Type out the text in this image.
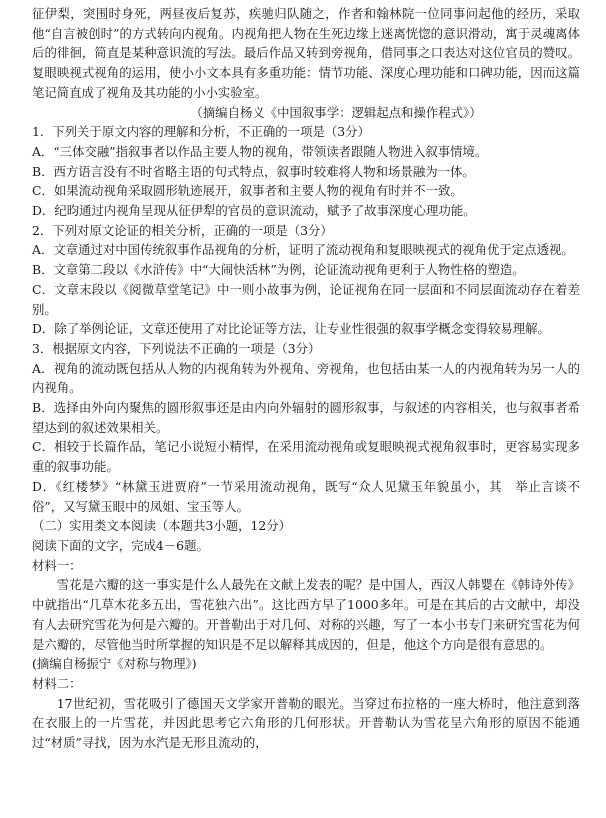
征伊梨，突围时身死，两昼夜后复苏，疾驰归队随之，作者和翰林院一位同事问起他的经历，采取他“自言被创时”的方式转向内视角。内视角把人物在生死边缘上迷离恍惚的意识滑动，寓于灵魂离体后的徘徊，简直是某种意识流的写法。最后作品又转到旁视角，借同事之口表达对这位官员的赞叹。复眼映视式视角的运用，使小小文本具有多重功能：情节功能、深度心理功能和口碑功能，因而这篇笔记简直成了视角及其功能的小小实验室。

（摘编自杨义《中国叙事学：逻辑起点和操作程式》）

1．下列关于原文内容的理解和分析，不正确的一项是（3分）

A．“三体交融”指叙事者以作品主要人物的视角，带领读者跟随人物进入叙事情境。

B．西方语言没有不时省略主语的句式特点，叙事时较难将人物和场景融为一体。

C．如果流动视角采取圆形轨迹展开，叙事者和主要人物的视角有时并不一致。

D．纪昀通过内视角呈现从征伊犁的官员的意识流动，赋予了故事深度心理功能。

2．下列对原文论证的相关分析，正确的一项是（3分）

A．文章通过对中国传统叙事作品视角的分析，证明了流动视角和复眼映视式的视角优于定点透视。

B．文章第二段以《水浒传》中“大闹快活林”为例，论证流动视角更利于人物性格的塑造。

C．文章末段以《阅微草堂笔记》中一则小故事为例，论证视角在同一层面和不同层面流动存在着差别。

D．除了举例论证，文章还使用了对比论证等方法，让专业性很强的叙事学概念变得较易理解。

3．根据原文内容，下列说法不正确的一项是（3分）

A．视角的流动既包括从人物的内视角转为外视角、旁视角，也包括由某一人的内视角转为另一人的内视角。

B．选择由外向内聚焦的圆形叙事还是由内向外辐射的圆形叙事，与叙述的内容相关，也与叙事者希望达到的叙述效果相关。

C．相较于长篇作品，笔记小说短小精悍，在采用流动视角或复眼映视式视角叙事时，更容易实现多重的叙事功能。

D．《红楼梦》“林黛玉进贾府”一节采用流动视角，既写“众人见黛玉年貌虽小，其　举止言谈不俗”，又写黛玉眼中的凤姐、宝玉等人。

（二）实用类文本阅读（本题共3小题，12分）

阅读下面的文字，完成4－6题。

材料一：

雪花是六瓣的这一事实是什么人最先在文献上发表的呢？是中国人，西汉人韩婴在《韩诗外传》中就指出“几草木花多五出，雪花独六出”。这比西方早了1000多年。可是在其后的古文献中，却没有人去研究雪花为何是六瓣的。开普勒出于对几何、对称的兴趣，写了一本小书专门来研究雪花为何是六瓣的，尽管他当时所掌握的知识是不足以解释其成因的，但是，他这个方向是很有意思的。

(摘编自杨振宁《对称与物理》)

材料二：

17世纪初，雪花吸引了德国天文学家开普勒的眼光。当穿过布拉格的一座大桥时，他注意到落在衣服上的一片雪花，并因此思考它六角形的几何形状。开普勒认为雪花呈六角形的原因不能通过“材质”寻找，因为水汽是无形且流动的，
